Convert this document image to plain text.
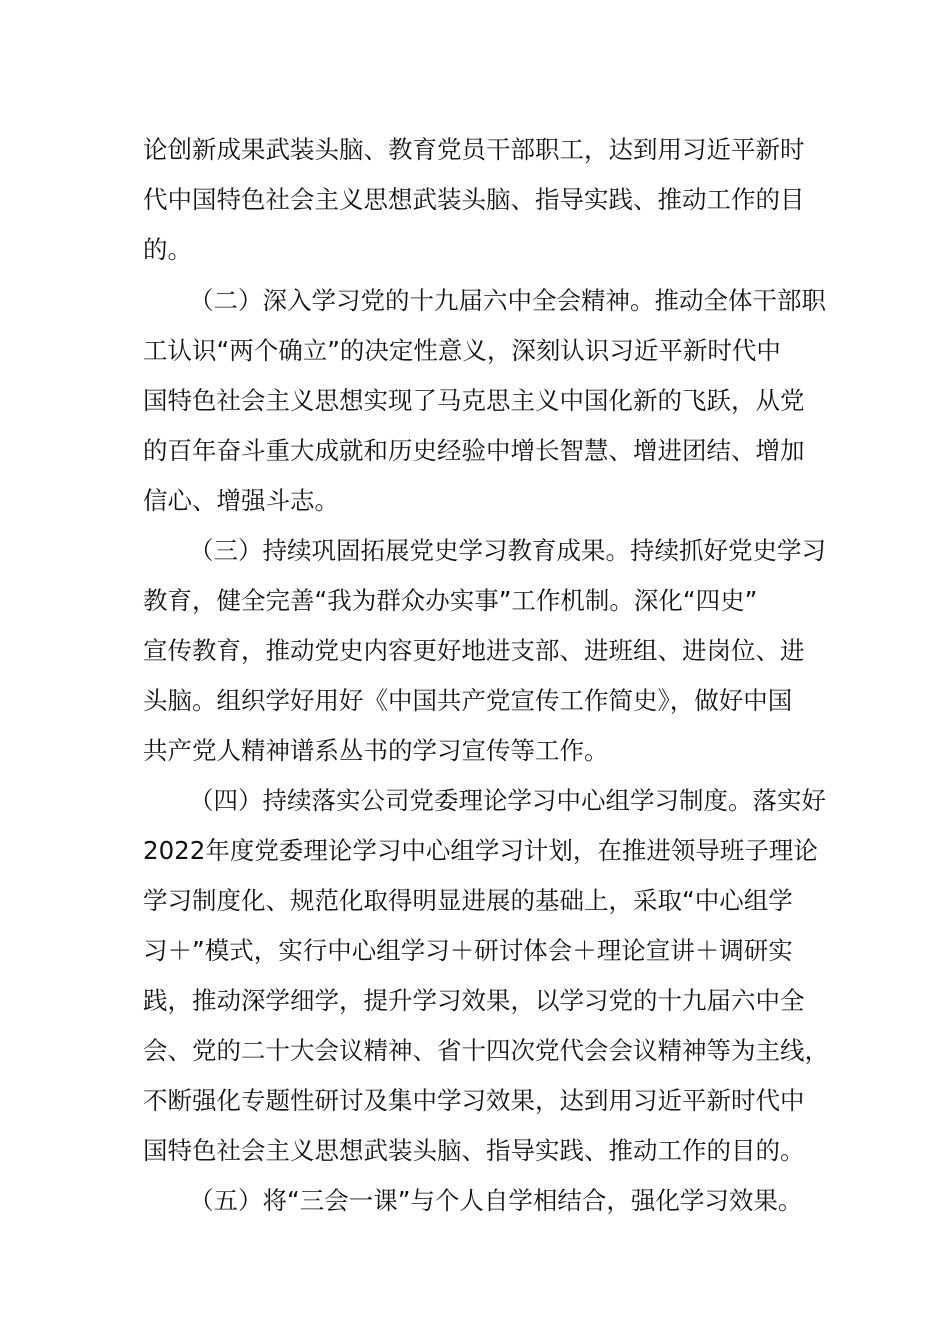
论创新成果武装头脑、教育党员干部职工，达到用习近平新时
代中国特色社会主义思想武装头脑、指导实践、推动工作的目
的。
（二）深入学习党的十九届六中全会精神。推动全体干部职
工认识“两个确立”的决定性意义，深刻认识习近平新时代中
国特色社会主义思想实现了马克思主义中国化新的飞跃，从党
的百年奋斗重大成就和历史经验中增长智慧、增进团结、增加
信心、增强斗志。
（三）持续巩固拓展党史学习教育成果。持续抓好党史学习
教育，健全完善“我为群众办实事”工作机制。深化“四史”
宣传教育，推动党史内容更好地进支部、进班组、进岗位、进
头脑。组织学好用好《中国共产党宣传工作简史》，做好中国
共产党人精神谱系丛书的学习宣传等工作。
（四）持续落实公司党委理论学习中心组学习制度。落实好
2022年度党委理论学习中心组学习计划，在推进领导班子理论
学习制度化、规范化取得明显进展的基础上，采取“中心组学
习＋”模式，实行中心组学习＋研讨体会＋理论宣讲＋调研实
践，推动深学细学，提升学习效果，以学习党的十九届六中全
会、党的二十大会议精神、省十四次党代会会议精神等为主线，
不断强化专题性研讨及集中学习效果，达到用习近平新时代中
国特色社会主义思想武装头脑、指导实践、推动工作的目的。
（五）将“三会一课”与个人自学相结合，强化学习效果。
